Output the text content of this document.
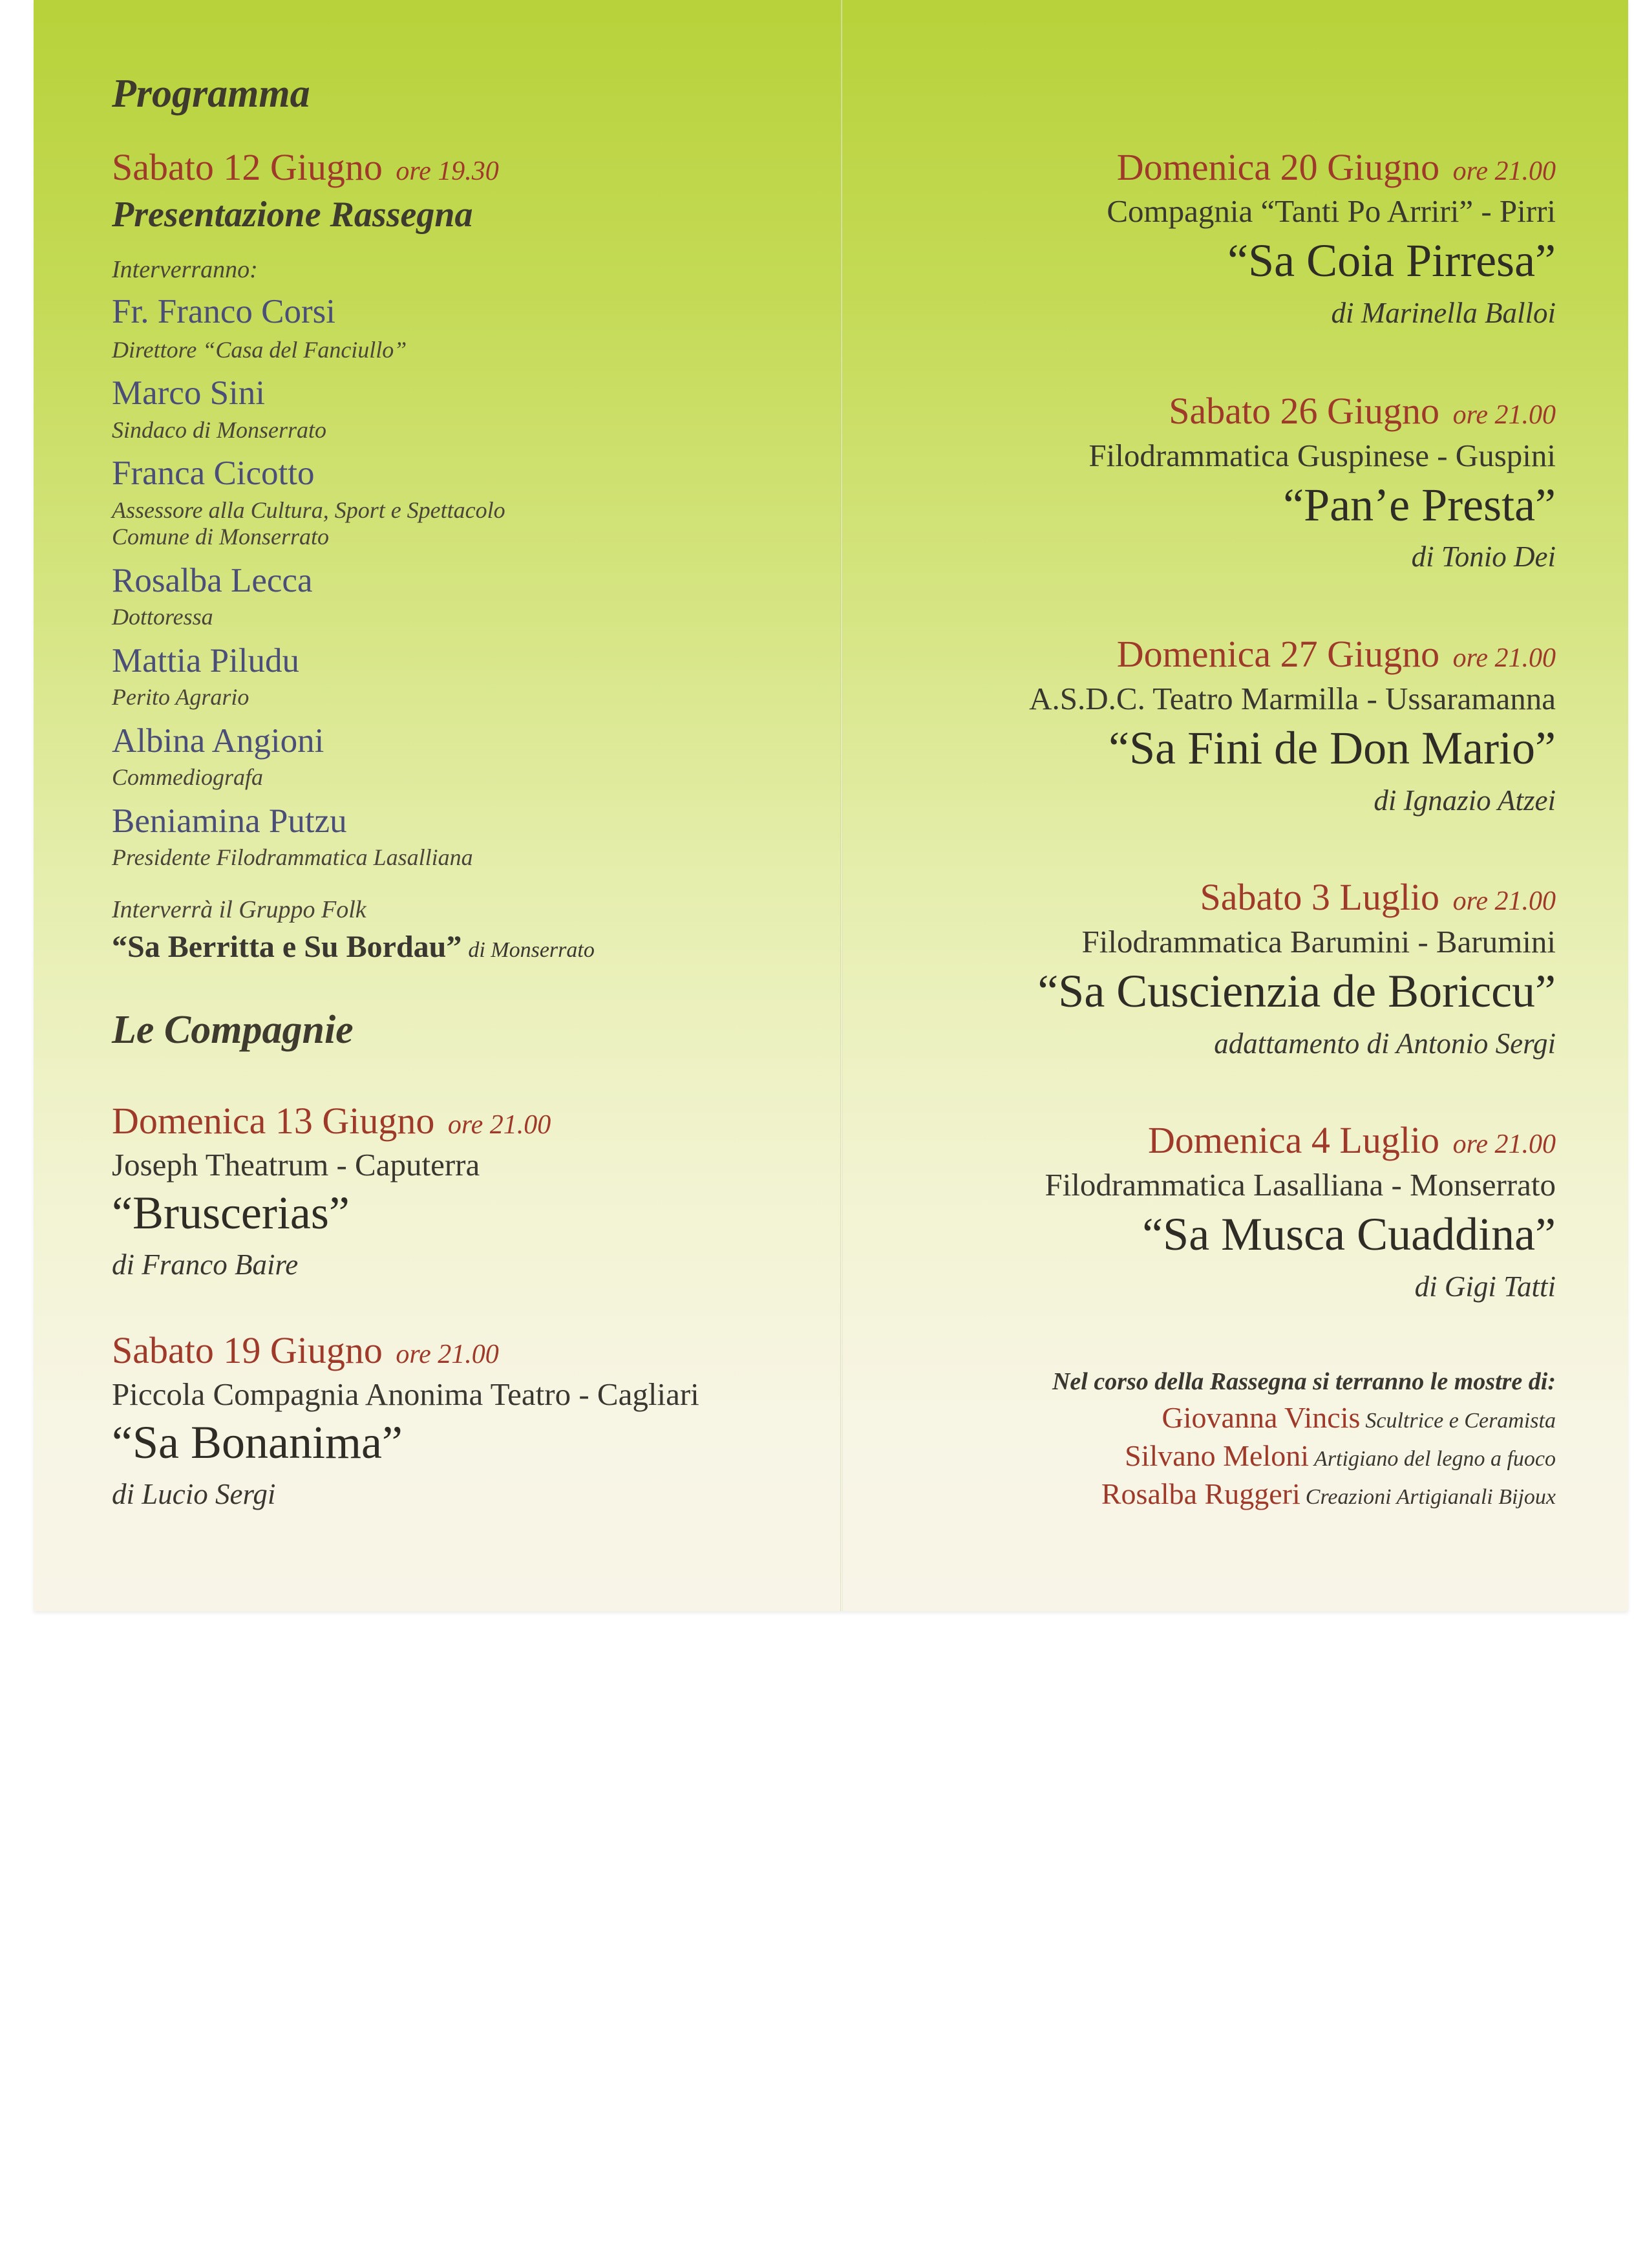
Programma
Sabato 12 Giugno ore 19.30
Presentazione Rassegna
Interverranno:
Fr. Franco Corsi
Direttore “Casa del Fanciullo”
Marco Sini
Sindaco di Monserrato
Franca Cicotto
Assessore alla Cultura, Sport e Spettacolo
Comune di Monserrato
Rosalba Lecca
Dottoressa
Mattia Piludu
Perito Agrario
Albina Angioni
Commediografa
Beniamina Putzu
Presidente Filodrammatica Lasalliana
Interverrà il Gruppo Folk
“Sa Berritta e Su Bordau” di Monserrato
Le Compagnie
Domenica 13 Giugno ore 21.00
Joseph Theatrum - Caputerra
“Bruscerias”
di Franco Baire
Sabato 19 Giugno ore 21.00
Piccola Compagnia Anonima Teatro - Cagliari
“Sa Bonanima”
di Lucio Sergi
Domenica 20 Giugno ore 21.00
Compagnia “Tanti Po Arriri” - Pirri
“Sa Coia Pirresa”
di Marinella Balloi
Sabato 26 Giugno ore 21.00
Filodrammatica Guspinese - Guspini
“Pan’e Presta”
di Tonio Dei
Domenica 27 Giugno ore 21.00
A.S.D.C. Teatro Marmilla - Ussaramanna
“Sa Fini de Don Mario”
di Ignazio Atzei
Sabato 3 Luglio ore 21.00
Filodrammatica Barumini - Barumini
“Sa Cuscienzia de Boriccu”
adattamento di Antonio Sergi
Domenica 4 Luglio ore 21.00
Filodrammatica Lasalliana - Monserrato
“Sa Musca Cuaddina”
di Gigi Tatti
Nel corso della Rassegna si terranno le mostre di:
Giovanna Vincis Scultrice e Ceramista
Silvano Meloni Artigiano del legno a fuoco
Rosalba Ruggeri Creazioni Artigianali Bijoux
